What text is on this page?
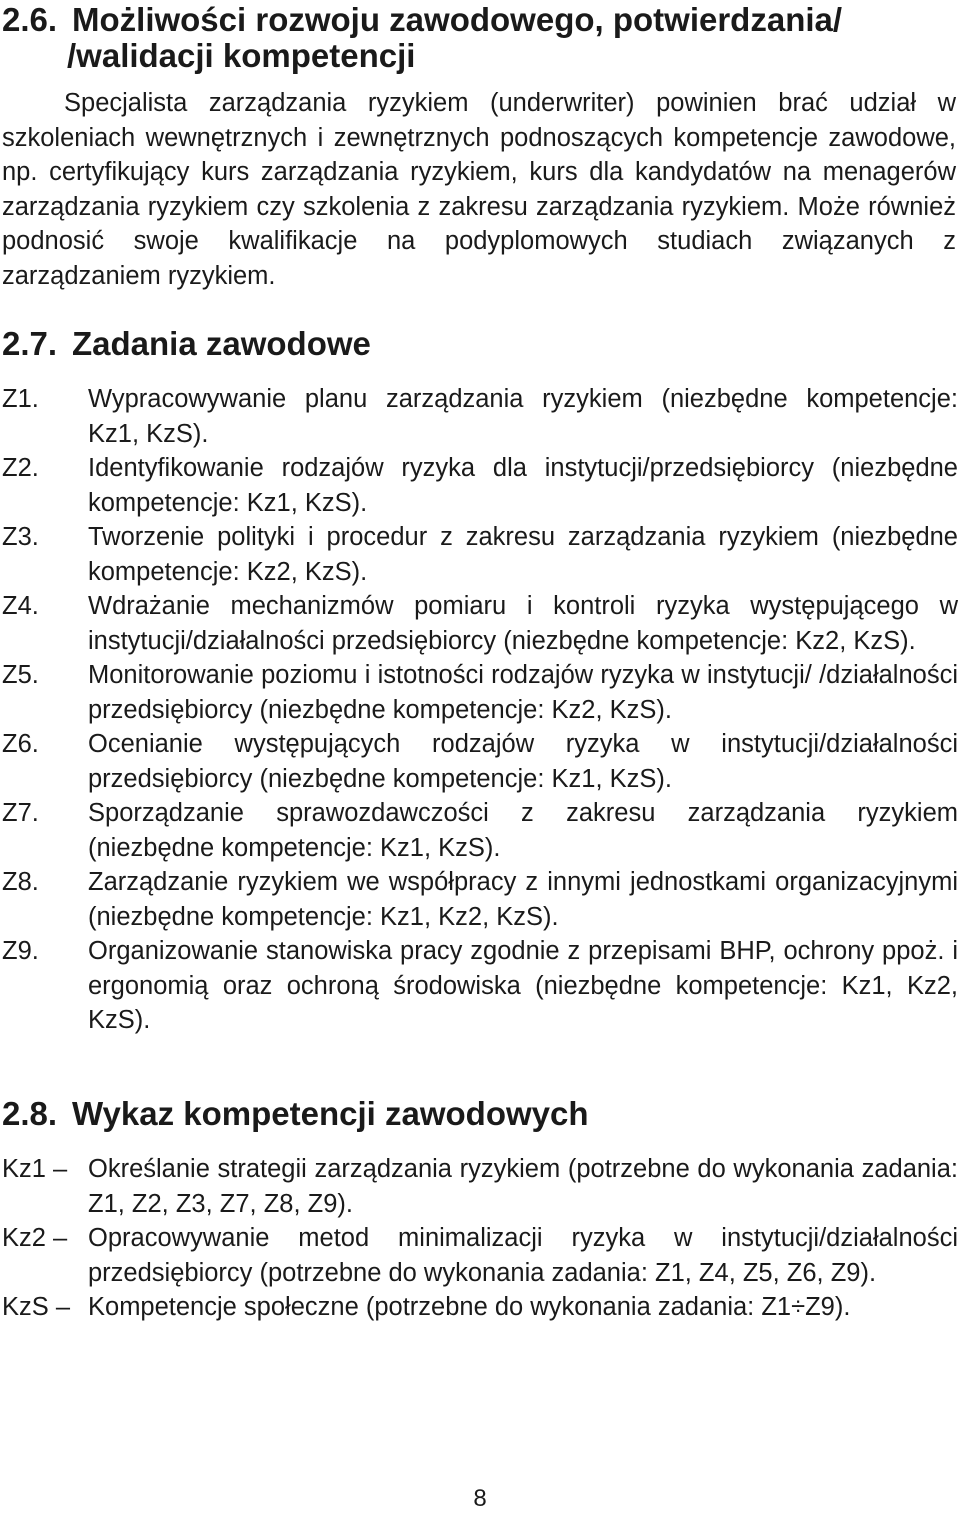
2.6. Możliwości rozwoju zawodowego, potwierdzania/
/walidacji kompetencji

Specjalista zarządzania ryzykiem (underwriter) powinien brać udział w szkoleniach wewnętrznych i zewnętrznych podnoszących kompetencje zawodowe, np. certyfikujący kurs zarządzania ryzykiem, kurs dla kandydatów na menagerów zarządzania ryzykiem czy szkolenia z zakresu zarządzania ryzykiem. Może również podnosić swoje kwalifikacje na podyplomowych studiach związanych z zarządzaniem ryzykiem.

2.7. Zadania zawodowe
Z1.	Wypracowywanie planu zarządzania ryzykiem (niezbędne kompetencje: Kz1, KzS).
Z2.	Identyfikowanie rodzajów ryzyka dla instytucji/przedsiębiorcy (niezbędne kompetencje: Kz1, KzS).
Z3.	Tworzenie polityki i procedur z zakresu zarządzania ryzykiem (niezbędne kompetencje: Kz2, KzS).
Z4.	Wdrażanie mechanizmów pomiaru i kontroli ryzyka występującego w instytucji/działalności przedsiębiorcy (niezbędne kompetencje: Kz2, KzS).
Z5.	Monitorowanie poziomu i istotności rodzajów ryzyka w instytucji/ /działalności przedsiębiorcy (niezbędne kompetencje: Kz2, KzS).
Z6.	Ocenianie występujących rodzajów ryzyka w instytucji/działalności przedsiębiorcy (niezbędne kompetencje: Kz1, KzS).
Z7.	Sporządzanie sprawozdawczości z zakresu zarządzania ryzykiem (niezbędne kompetencje: Kz1, KzS).
Z8.	Zarządzanie ryzykiem we współpracy z innymi jednostkami organizacyjnymi (niezbędne kompetencje: Kz1, Kz2, KzS).
Z9.	Organizowanie stanowiska pracy zgodnie z przepisami BHP, ochrony ppoż. i ergonomią oraz ochroną środowiska (niezbędne kompetencje: Kz1, Kz2, KzS).
2.8. Wykaz kompetencji zawodowych
Kz1 – Określanie strategii zarządzania ryzykiem (potrzebne do wykonania zadania: Z1, Z2, Z3, Z7, Z8, Z9).
Kz2 – Opracowywanie metod minimalizacji ryzyka w instytucji/działalności przedsiębiorcy (potrzebne do wykonania zadania: Z1, Z4, Z5, Z6, Z9).
KzS – Kompetencje społeczne (potrzebne do wykonania zadania: Z1÷Z9).
8
